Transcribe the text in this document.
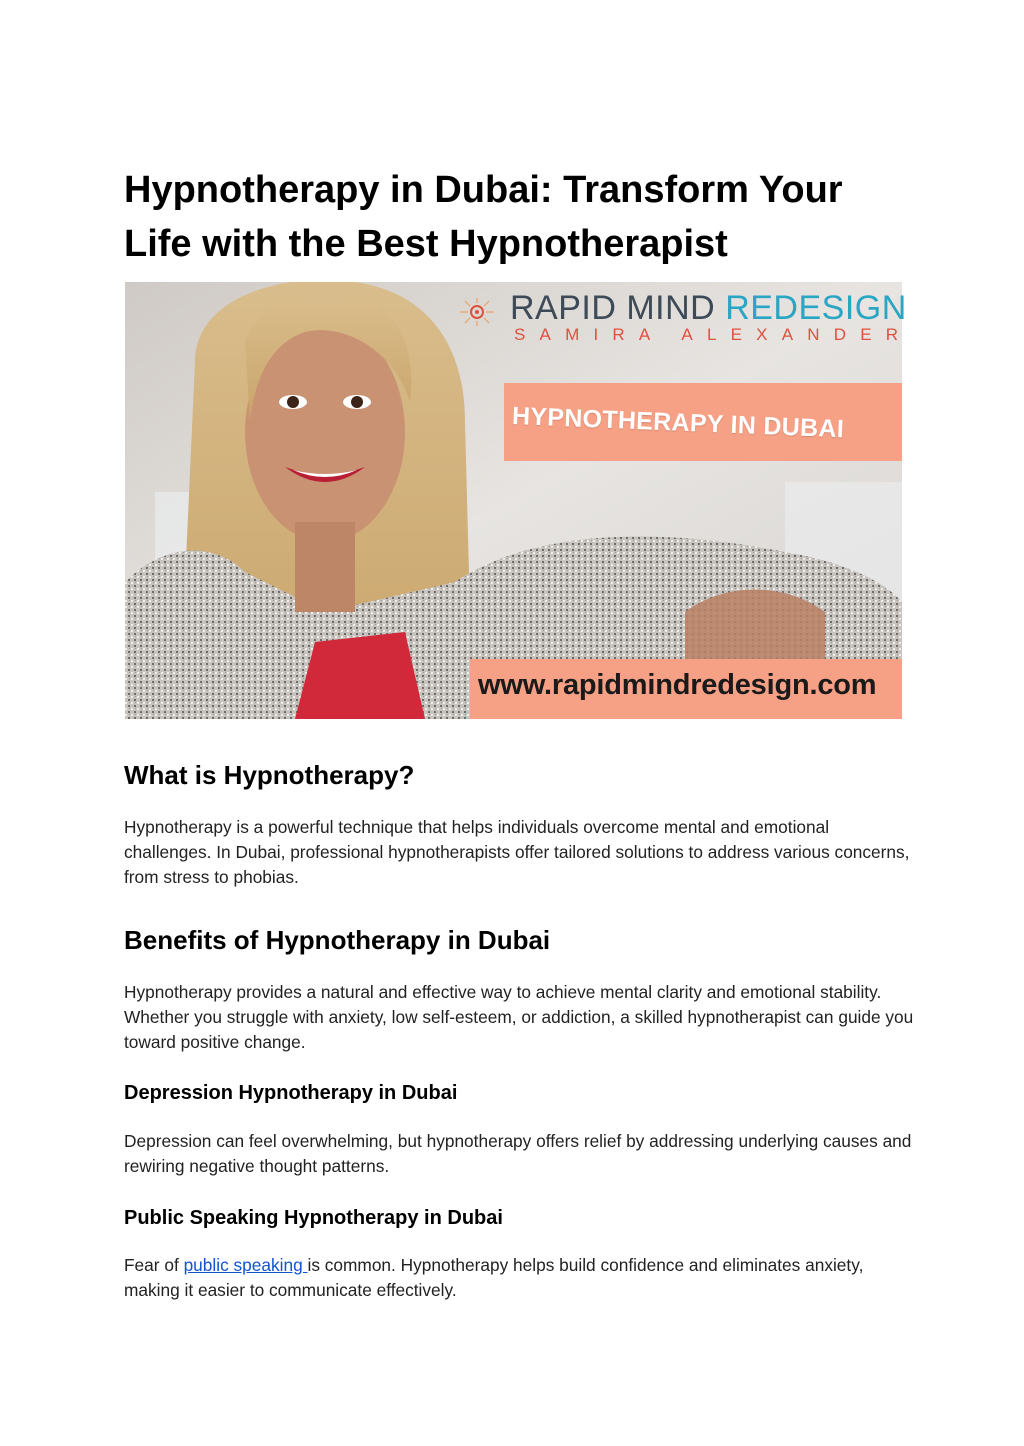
Hypnotherapy in Dubai: Transform Your Life with the Best Hypnotherapist
RAPID MIND REDESIGN
SAMIRA ALEXANDER
HYPNOTHERAPY IN DUBAI
www.rapidmindredesign.com
What is Hypnotherapy?

Hypnotherapy is a powerful technique that helps individuals overcome mental and emotional challenges. In Dubai, professional hypnotherapists offer tailored solutions to address various concerns, from stress to phobias.

Benefits of Hypnotherapy in Dubai

Hypnotherapy provides a natural and effective way to achieve mental clarity and emotional stability. Whether you struggle with anxiety, low self-esteem, or addiction, a skilled hypnotherapist can guide you toward positive change.

Depression Hypnotherapy in Dubai

Depression can feel overwhelming, but hypnotherapy offers relief by addressing underlying causes and rewiring negative thought patterns.

Public Speaking Hypnotherapy in Dubai

Fear of public speaking is common. Hypnotherapy helps build confidence and eliminates anxiety, making it easier to communicate effectively.
